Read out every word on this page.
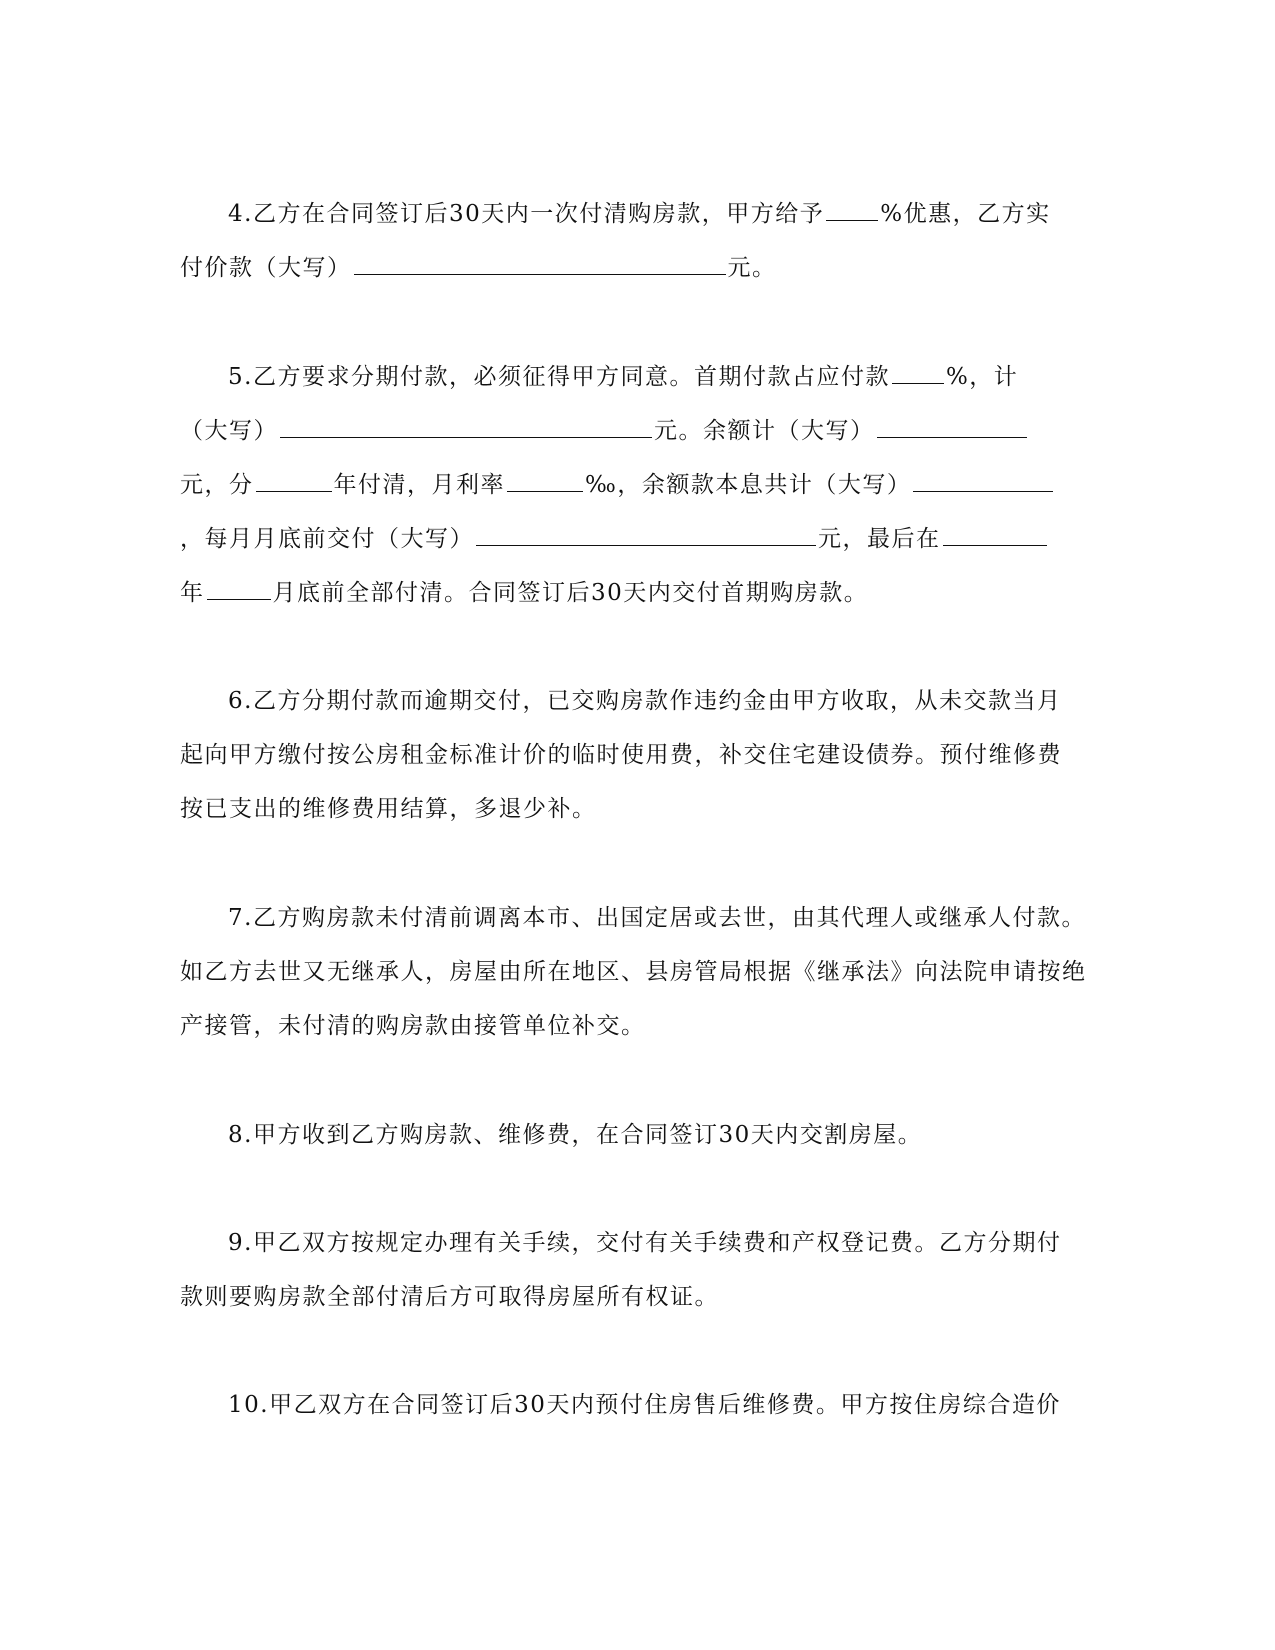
4.乙方在合同签订后30天内一次付清购房款，甲方给予 %优惠，乙方实
付价款（大写）	元。
5.乙方要求分期付款，必须征得甲方同意。首期付款占应付款 %，计
（大写）	元。余额计（大写）
元，分	年付清，月利率	‰，余额款本息共计（大写）
，每月月底前交付（大写）	元，最后在
年	月底前全部付清。合同签订后30天内交付首期购房款。
6.乙方分期付款而逾期交付，已交购房款作违约金由甲方收取，从未交款当月
起向甲方缴付按公房租金标准计价的临时使用费，补交住宅建设债券。预付维修费
按已支出的维修费用结算，多退少补。
7.乙方购房款未付清前调离本市、出国定居或去世，由其代理人或继承人付款。
如乙方去世又无继承人，房屋由所在地区、县房管局根据《继承法》向法院申请按绝
产接管，未付清的购房款由接管单位补交。
8.甲方收到乙方购房款、维修费，在合同签订30天内交割房屋。
9.甲乙双方按规定办理有关手续，交付有关手续费和产权登记费。乙方分期付
款则要购房款全部付清后方可取得房屋所有权证。
10.甲乙双方在合同签订后30天内预付住房售后维修费。甲方按住房综合造价
